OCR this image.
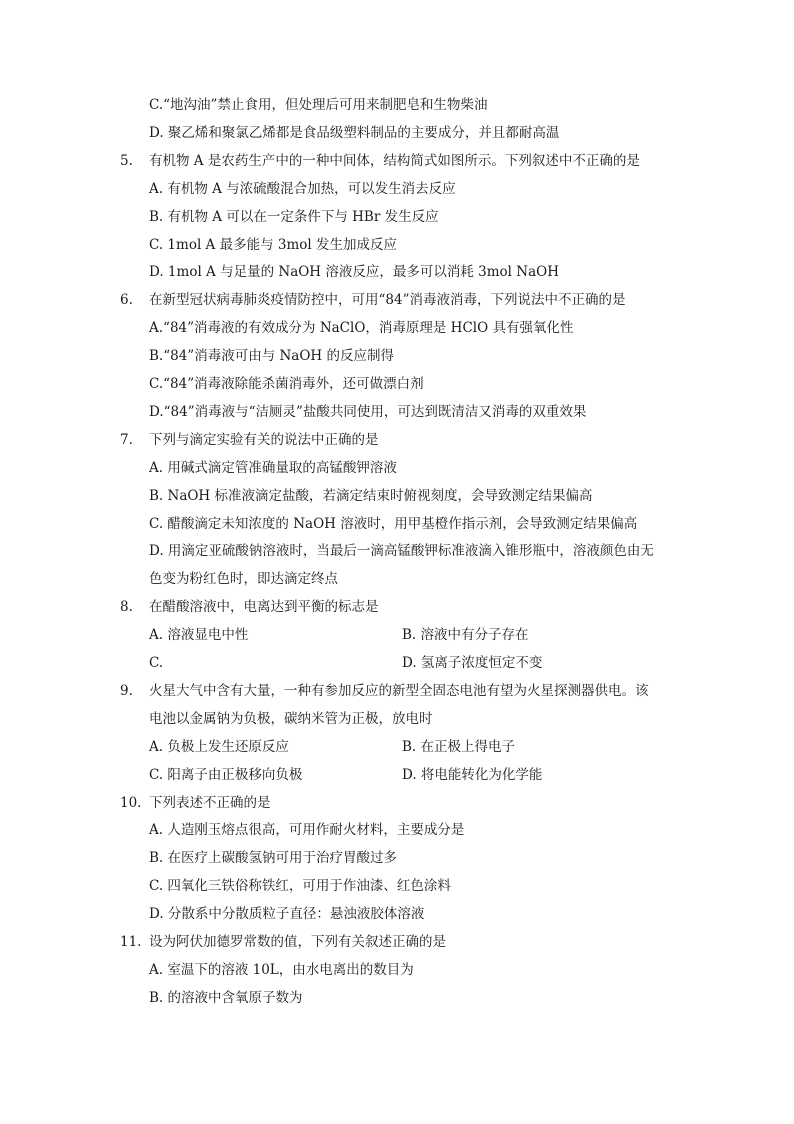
C.“地沟油”禁止食用，但处理后可用来制肥皂和生物柴油
D. 聚乙烯和聚氯乙烯都是食品级塑料制品的主要成分，并且都耐高温
5. 有机物 A 是农药生产中的一种中间体，结构简式如图所示。下列叙述中不正确的是
A. 有机物 A 与浓硫酸混合加热，可以发生消去反应
B. 有机物 A 可以在一定条件下与 HBr 发生反应
C. 1mol A 最多能与 3mol 发生加成反应
D. 1mol A 与足量的 NaOH 溶液反应，最多可以消耗 3mol NaOH
6. 在新型冠状病毒肺炎疫情防控中，可用“84”消毒液消毒，下列说法中不正确的是
A.“84”消毒液的有效成分为 NaClO，消毒原理是 HClO 具有强氧化性
B.“84”消毒液可由与 NaOH 的反应制得
C.“84”消毒液除能杀菌消毒外，还可做漂白剂
D.“84”消毒液与“洁厕灵”盐酸共同使用，可达到既清洁又消毒的双重效果
7. 下列与滴定实验有关的说法中正确的是
A. 用碱式滴定管准确量取的高锰酸钾溶液
B. NaOH 标准液滴定盐酸，若滴定结束时俯视刻度，会导致测定结果偏高
C. 醋酸滴定未知浓度的 NaOH 溶液时，用甲基橙作指示剂，会导致测定结果偏高
D. 用滴定亚硫酸钠溶液时，当最后一滴高锰酸钾标准液滴入锥形瓶中，溶液颜色由无
色变为粉红色时，即达滴定终点
8. 在醋酸溶液中，电离达到平衡的标志是
A. 溶液显电中性	B. 溶液中有分子存在
C.	D. 氢离子浓度恒定不变
9. 火星大气中含有大量，一种有参加反应的新型全固态电池有望为火星探测器供电。该
电池以金属钠为负极，碳纳米管为正极，放电时
A. 负极上发生还原反应	B. 在正极上得电子
C. 阳离子由正极移向负极	D. 将电能转化为化学能
10. 下列表述不正确的是
A. 人造刚玉熔点很高，可用作耐火材料，主要成分是
B. 在医疗上碳酸氢钠可用于治疗胃酸过多
C. 四氧化三铁俗称铁红，可用于作油漆、红色涂料
D. 分散系中分散质粒子直径：悬浊液胶体溶液
11. 设为阿伏加德罗常数的值，下列有关叙述正确的是
A. 室温下的溶液 10L，由水电离出的数目为
B. 的溶液中含氧原子数为
